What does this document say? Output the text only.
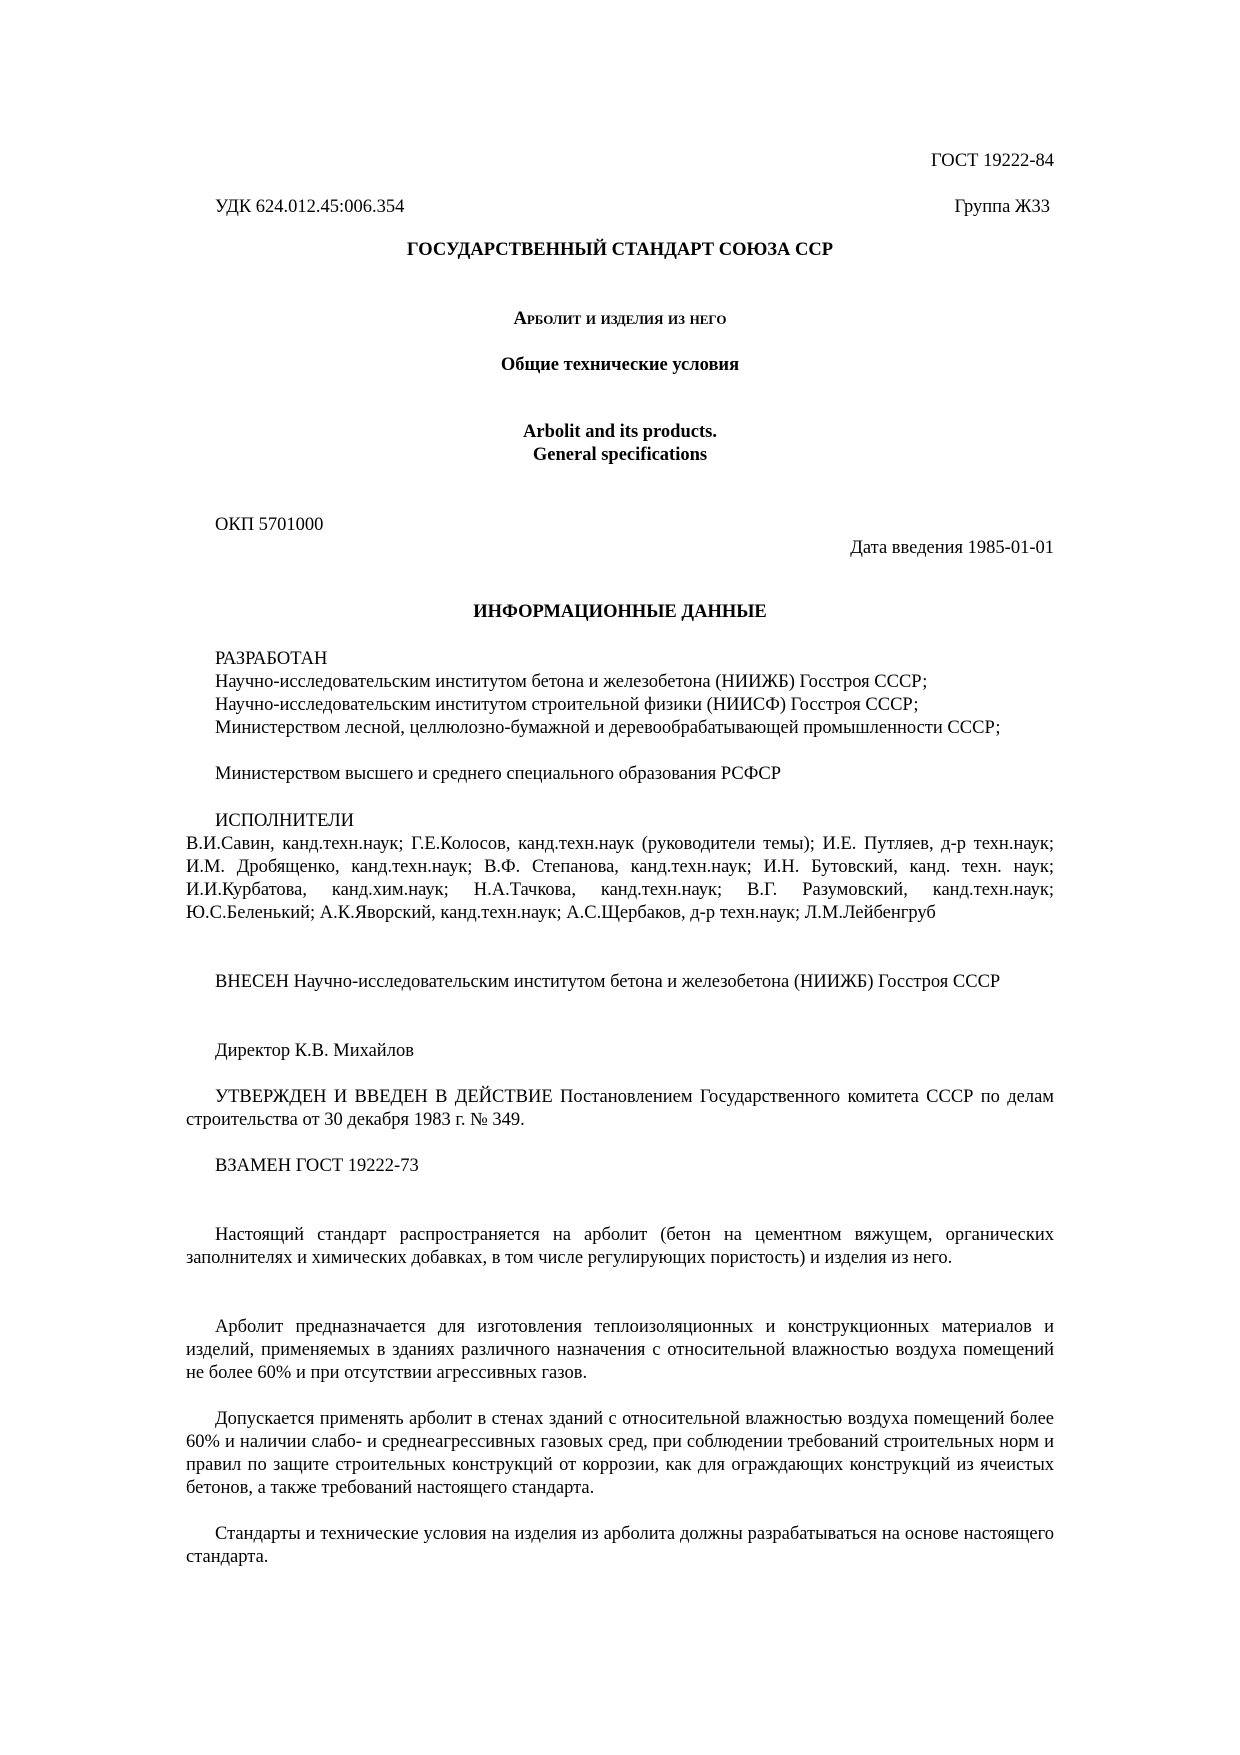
ГОСТ 19222-84
УДК 624.012.45:006.354	Группа Ж33
ГОСУДАРСТВЕННЫЙ СТАНДАРТ СОЮЗА ССР
Арболит и изделия из него
Общие технические условия
Arbolit and its products.
General specifications
ОКП 5701000
Дата введения 1985-01-01
ИНФОРМАЦИОННЫЕ ДАННЫЕ
РАЗРАБОТАН
Научно-исследовательским институтом бетона и железобетона (НИИЖБ) Госстроя СССР;
Научно-исследовательским институтом строительной физики (НИИСФ) Госстроя СССР;
Министерством лесной, целлюлозно-бумажной и деревообрабатывающей промышленности СССР;
Министерством высшего и среднего специального образования РСФСР
ИСПОЛНИТЕЛИ
В.И.Савин, канд.техн.наук; Г.Е.Колосов, канд.техн.наук (руководители темы); И.Е. Путляев, д-р техн.наук; И.М. Дробященко, канд.техн.наук; В.Ф. Степанова, канд.техн.наук; И.Н. Бутовский, канд. техн. наук; И.И.Курбатова, канд.хим.наук; Н.А.Тачкова, канд.техн.наук; В.Г. Разумовский, канд.техн.наук; Ю.С.Беленький; А.К.Яворский, канд.техн.наук; А.С.Щербаков, д-р техн.наук; Л.М.Лейбенгруб
ВНЕСЕН Научно-исследовательским институтом бетона и железобетона (НИИЖБ) Госстроя СССР
Директор К.В. Михайлов
УТВЕРЖДЕН И ВВЕДЕН В ДЕЙСТВИЕ Постановлением Государственного комитета СССР по делам строительства от 30 декабря 1983 г. № 349.
ВЗАМЕН ГОСТ 19222-73
Настоящий стандарт распространяется на арболит (бетон на цементном вяжущем, органических заполнителях и химических добавках, в том числе регулирующих пористость) и изделия из него.
Арболит предназначается для изготовления теплоизоляционных и конструкционных материалов и изделий, применяемых в зданиях различного назначения с относительной влажностью воздуха помещений не более 60% и при отсутствии агрессивных газов.
Допускается применять арболит в стенах зданий с относительной влажностью воздуха помещений более 60% и наличии слабо- и среднеагрессивных газовых сред, при соблюдении требований строительных норм и правил по защите строительных конструкций от коррозии, как для ограждающих конструкций из ячеистых бетонов, а также требований настоящего стандарта.
Стандарты и технические условия на изделия из арболита должны разрабатываться на основе настоящего стандарта.
